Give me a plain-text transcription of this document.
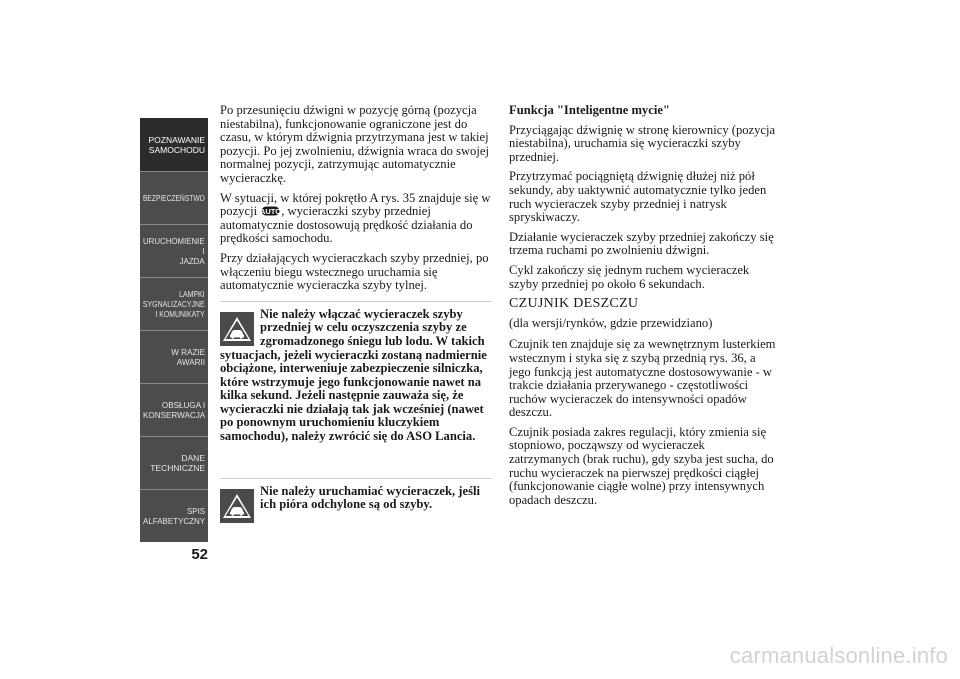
POZNAWANIE
SAMOCHODU
BEZPIECZEŃSTWO
URUCHOMIENIE I
JAZDA
LAMPKI
SYGNALIZACYJNE
I KOMUNIKATY
W RAZIE AWARII
OBSŁUGA I
KONSERWACJA
DANE
TECHNICZNE
SPIS
ALFABETYCZNY
52

Po przesunięciu dźwigni w pozycję górną (pozycja niestabilna), funkcjonowanie ograniczone jest do czasu, w którym dźwignia przytrzymana jest w takiej pozycji. Po jej zwolnieniu, dźwignia wraca do swojej normalnej pozycji, zatrzymując automatycznie wycieraczkę.

W sytuacji, w której pokrętło A rys. 35 znajduje się w pozycji AUTO , wycieraczki szyby przedniej automatycznie dostosowują prędkość działania do prędkości samochodu.

Przy działających wycieraczkach szyby przedniej, po włączeniu biegu wstecznego uruchamia się automatycznie wycieraczka szyby tylnej.

Nie należy włączać wycieraczek szyby przedniej w celu oczyszczenia szyby ze zgromadzonego śniegu lub lodu. W takich

sytuacjach, jeżeli wycieraczki zostaną nadmiernie obciążone, interweniuje zabezpieczenie silniczka, które wstrzymuje jego funkcjonowanie nawet na kilka sekund. Jeżeli następnie zauważa się, że wycieraczki nie działają tak jak wcześniej (nawet po ponownym uruchomieniu kluczykiem samochodu), należy zwrócić się do ASO Lancia.

Nie należy uruchamiać wycieraczek, jeśli ich pióra odchylone są od szyby.

Funkcja "Inteligentne mycie"

Przyciągając dźwignię w stronę kierownicy (pozycja niestabilna), uruchamia się wycieraczki szyby przedniej.

Przytrzymać pociągniętą dźwignię dłużej niż pół sekundy, aby uaktywnić automatycznie tylko jeden ruch wycieraczek szyby przedniej i natrysk spryskiwaczy.

Działanie wycieraczek szyby przedniej zakończy się trzema ruchami po zwolnieniu dźwigni.

Cykl zakończy się jednym ruchem wycieraczek szyby przedniej po około 6 sekundach.

CZUJNIK DESZCZU

(dla wersji/rynków, gdzie przewidziano)

Czujnik ten znajduje się za wewnętrznym lusterkiem wstecznym i styka się z szybą przednią rys. 36, a jego funkcją jest automatyczne dostosowywanie - w trakcie działania przerywanego - częstotliwości ruchów wycieraczek do intensywności opadów deszczu.

Czujnik posiada zakres regulacji, który zmienia się stopniowo, począwszy od wycieraczek zatrzymanych (brak ruchu), gdy szyba jest sucha, do ruchu wycieraczek na pierwszej prędkości ciągłej (funkcjonowanie ciągłe wolne) przy intensywnych opadach deszczu.

carmanualsonline.info
